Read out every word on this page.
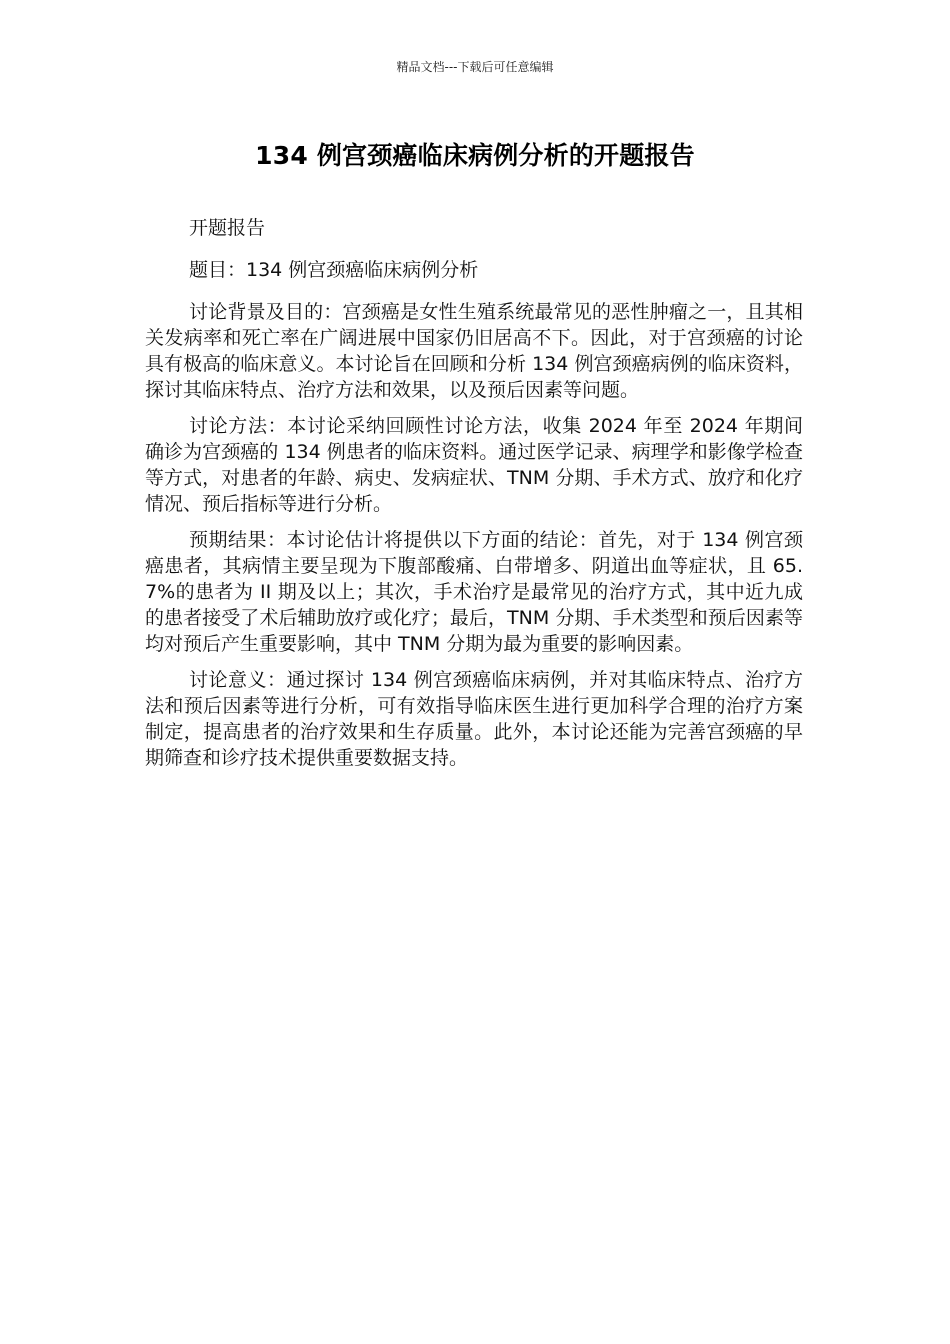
精品文档---下载后可任意编辑
134 例宫颈癌临床病例分析的开题报告

开题报告

题目：134 例宫颈癌临床病例分析

讨论背景及目的：宫颈癌是女性生殖系统最常见的恶性肿瘤之一，且其相关发病率和死亡率在广阔进展中国家仍旧居高不下。因此，对于宫颈癌的讨论具有极高的临床意义。本讨论旨在回顾和分析 134 例宫颈癌病例的临床资料，探讨其临床特点、治疗方法和效果，以及预后因素等问题。

讨论方法：本讨论采纳回顾性讨论方法，收集 2024 年至 2024 年期间确诊为宫颈癌的 134 例患者的临床资料。通过医学记录、病理学和影像学检查等方式，对患者的年龄、病史、发病症状、TNM 分期、手术方式、放疗和化疗情况、预后指标等进行分析。

预期结果：本讨论估计将提供以下方面的结论：首先，对于 134 例宫颈癌患者，其病情主要呈现为下腹部酸痛、白带增多、阴道出血等症状，且 65.7%的患者为 II 期及以上；其次，手术治疗是最常见的治疗方式，其中近九成的患者接受了术后辅助放疗或化疗；最后，TNM 分期、手术类型和预后因素等均对预后产生重要影响，其中 TNM 分期为最为重要的影响因素。

讨论意义：通过探讨 134 例宫颈癌临床病例，并对其临床特点、治疗方法和预后因素等进行分析，可有效指导临床医生进行更加科学合理的治疗方案制定，提高患者的治疗效果和生存质量。此外，本讨论还能为完善宫颈癌的早期筛查和诊疗技术提供重要数据支持。
